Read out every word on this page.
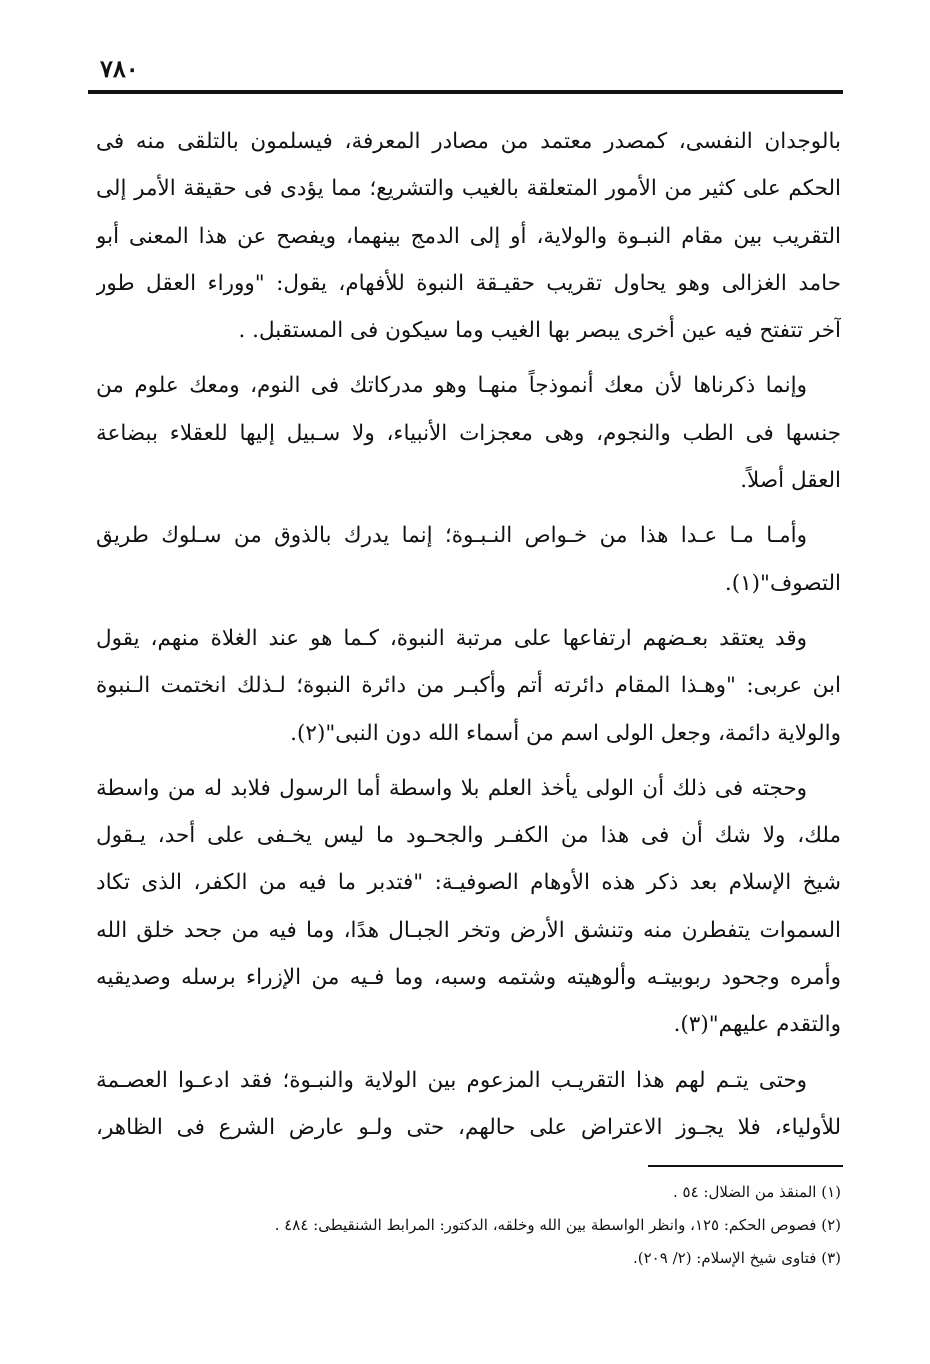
٧٨٠
بالوجدان النفسى، كمصدر معتمد من مصادر المعرفة، فيسلمون بالتلقى منه فى
الحكم على كثير من الأمور المتعلقة بالغيب والتشريع؛ مما يؤدى فى حقيقة الأمر إلى
التقريب بين مقام النبـوة والولاية، أو إلى الدمج بينهما، ويفصح عن هذا المعنى أبو
حامد الغزالى وهو يحاول تقريب حقيـقة النبوة للأفهام، يقول: "ووراء العقل طور
آخر تتفتح فيه عين أخرى يبصر بها الغيب وما سيكون فى المستقبل. .
وإنما ذكرناها لأن معك أنموذجاً منهـا وهو مدركاتك فى النوم، ومعك علوم من
جنسها فى الطب والنجوم، وهى معجزات الأنبياء، ولا سـبيل إليها للعقلاء ببضاعة
العقل أصلاً.
وأمـا مـا عـدا هذا من خـواص النـبـوة؛ إنما يدرك بالذوق من سـلوك طريق
التصوف"(١).
وقد يعتقد بعـضهم ارتفاعها على مرتبة النبوة، كـما هو عند الغلاة منهم، يقول
ابن عربى: "وهـذا المقام دائرته أتم وأكبـر من دائرة النبوة؛ لـذلك انختمت الـنبوة
والولاية دائمة، وجعل الولى اسم من أسماء الله دون النبى"(٢).
وحجته فى ذلك أن الولى يأخذ العلم بلا واسطة أما الرسول فلابد له من واسطة
ملك، ولا شك أن فى هذا من الكفـر والجحـود ما ليس يخـفى على أحد، يـقول
شيخ الإسلام بعد ذكر هذه الأوهام الصوفيـة: "فتدبر ما فيه من الكفر، الذى تكاد
السموات يتفطرن منه وتنشق الأرض وتخر الجبـال هدًا، وما فيه من جحد خلق الله
وأمره وجحود ربوبيتـه وألوهيته وشتمه وسبه، وما فـيه من الإزراء برسله وصديقيه
والتقدم عليهم"(٣).
وحتى يتـم لهم هذا التقريـب المزعوم بين الولاية والنبـوة؛ فقد ادعـوا العصـمة
للأولياء، فلا يجـوز الاعتراض على حالهم، حتى ولـو عارض الشرع فى الظاهر،
(١) المنقذ من الضلال: ٥٤ .
(٢) فصوص الحكم: ١٢٥، وانظر الواسطة بين الله وخلقه، الدكتور: المرابط الشنقيطى: ٤٨٤ .
(٣) فتاوى شيخ الإسلام: (٢/ ٢٠٩).
